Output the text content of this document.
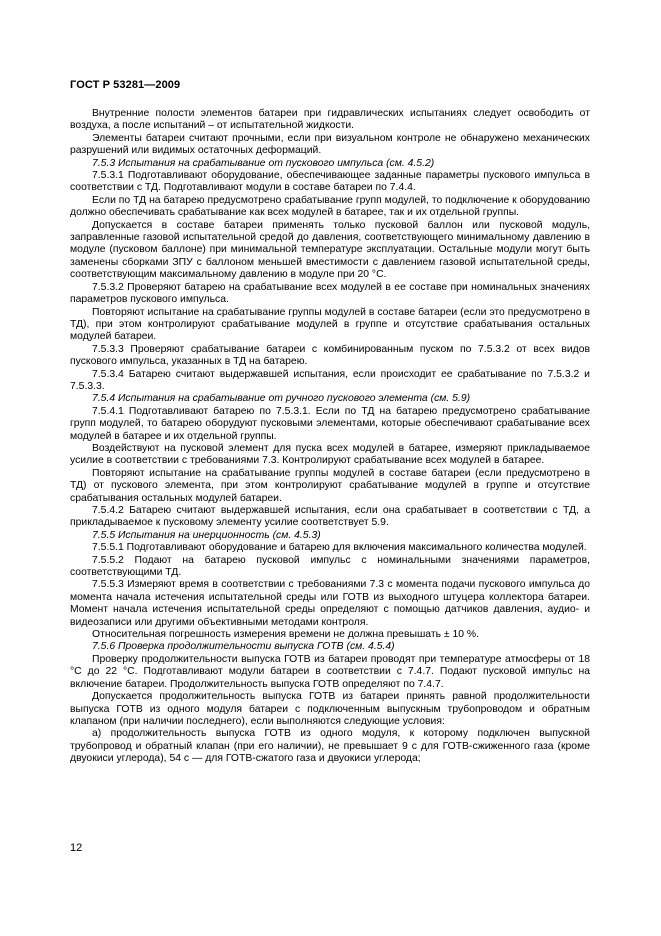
ГОСТ Р 53281—2009

Внутренние полости элементов батареи при гидравлических испытаниях следует освободить от воздуха, а после испытаний – от испытательной жидкости.

Элементы батареи считают прочными, если при визуальном контроле не обнаружено механических разрушений или видимых остаточных деформаций.

7.5.3 Испытания на срабатывание от пускового импульса (см. 4.5.2)

7.5.3.1 Подготавливают оборудование, обеспечивающее заданные параметры пускового импульса в соответствии с ТД. Подготавливают модули в составе батареи по 7.4.4.

Если по ТД на батарею предусмотрено срабатывание групп модулей, то подключение к оборудованию должно обеспечивать срабатывание как всех модулей в батарее, так и их отдельной группы.

Допускается в составе батареи применять только пусковой баллон или пусковой модуль, заправленные газовой испытательной средой до давления, соответствующего минимальному давлению в модуле (пусковом баллоне) при минимальной температуре эксплуатации. Остальные модули могут быть заменены сборками ЗПУ с баллоном меньшей вместимости с давлением газовой испытательной среды, соответствующим максимальному давлению в модуле при 20 °С.

7.5.3.2 Проверяют батарею на срабатывание всех модулей в ее составе при номинальных значениях параметров пускового импульса.

Повторяют испытание на срабатывание группы модулей в составе батареи (если это предусмотрено в ТД), при этом контролируют срабатывание модулей в группе и отсутствие срабатывания остальных модулей батареи.

7.5.3.3 Проверяют срабатывание батареи с комбинированным пуском по 7.5.3.2 от всех видов пускового импульса, указанных в ТД на батарею.

7.5.3.4 Батарею считают выдержавшей испытания, если происходит ее срабатывание по 7.5.3.2 и 7.5.3.3.

7.5.4 Испытания на срабатывание от ручного пускового элемента (см. 5.9)

7.5.4.1 Подготавливают батарею по 7.5.3.1. Если по ТД на батарею предусмотрено срабатывание групп модулей, то батарею оборудуют пусковыми элементами, которые обеспечивают срабатывание всех модулей в батарее и их отдельной группы.

Воздействуют на пусковой элемент для пуска всех модулей в батарее, измеряют прикладываемое усилие в соответствии с требованиями 7.3. Контролируют срабатывание всех модулей в батарее.

Повторяют испытание на срабатывание группы модулей в составе батареи (если предусмотрено в ТД) от пускового элемента, при этом контролируют срабатывание модулей в группе и отсутствие срабатывания остальных модулей батареи.

7.5.4.2 Батарею считают выдержавшей испытания, если она срабатывает в соответствии с ТД, а прикладываемое к пусковому элементу усилие соответствует 5.9.

7.5.5 Испытания на инерционность (см. 4.5.3)

7.5.5.1 Подготавливают оборудование и батарею для включения максимального количества модулей.

7.5.5.2 Подают на батарею пусковой импульс с номинальными значениями параметров, соответствующими ТД.

7.5.5.3 Измеряют время в соответствии с требованиями 7.3 с момента подачи пускового импульса до момента начала истечения испытательной среды или ГОТВ из выходного штуцера коллектора батареи. Момент начала истечения испытательной среды определяют с помощью датчиков давления, аудио- и видеозаписи или другими объективными методами контроля.

Относительная погрешность измерения времени не должна превышать ± 10 %.

7.5.6 Проверка продолжительности выпуска ГОТВ (см. 4.5.4)

Проверку продолжительности выпуска ГОТВ из батареи проводят при температуре атмосферы от 18 °С до 22 °С. Подготавливают модули батареи в соответствии с 7.4.7. Подают пусковой импульс на включение батареи. Продолжительность выпуска ГОТВ определяют по 7.4.7.

Допускается продолжительность выпуска ГОТВ из батареи принять равной продолжительности выпуска ГОТВ из одного модуля батареи с подключенным выпускным трубопроводом и обратным клапаном (при наличии последнего), если выполняются следующие условия:

а) продолжительность выпуска ГОТВ из одного модуля, к которому подключен выпускной трубопровод и обратный клапан (при его наличии), не превышает 9 с для ГОТВ-сжиженного газа (кроме двуокиси углерода), 54 с — для ГОТВ-сжатого газа и двуокиси углерода;

12
